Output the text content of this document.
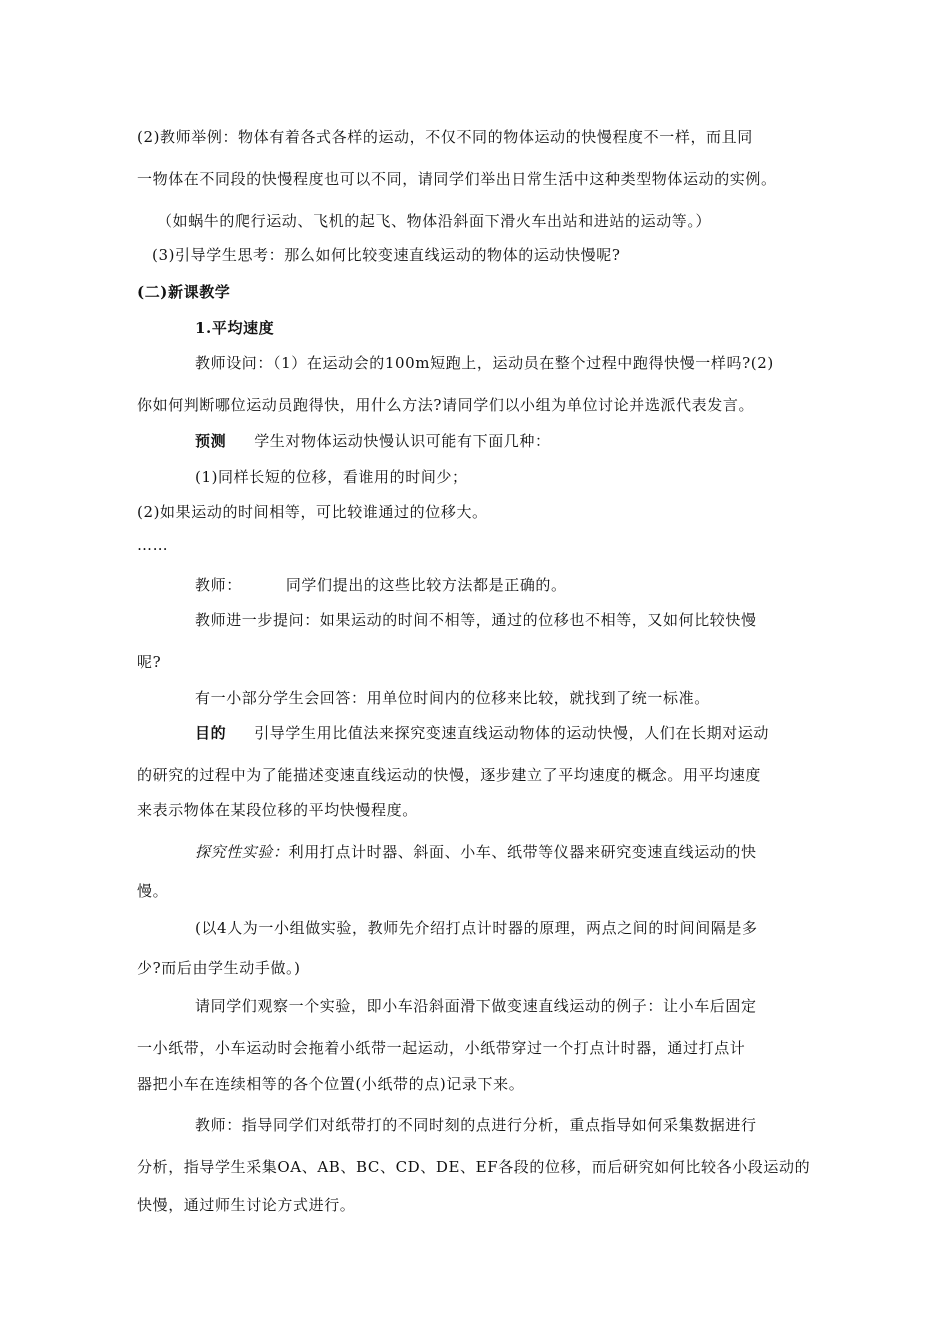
(2)教师举例：物体有着各式各样的运动，不仅不同的物体运动的快慢程度不一样，而且同
一物体在不同段的快慢程度也可以不同，请同学们举出日常生活中这种类型物体运动的实例。
（如蜗牛的爬行运动、飞机的起飞、物体沿斜面下滑火车出站和进站的运动等。）
(3)引导学生思考：那么如何比较变速直线运动的物体的运动快慢呢?
(二)新课教学
1.平均速度
教师设问：（1）在运动会的100m短跑上，运动员在整个过程中跑得快慢一样吗?(2)
你如何判断哪位运动员跑得快，用什么方法?请同学们以小组为单位讨论并选派代表发言。
预测 学生对物体运动快慢认识可能有下面几种：
(1)同样长短的位移，看谁用的时间少；
(2)如果运动的时间相等，可比较谁通过的位移大。
……
教师：	同学们提出的这些比较方法都是正确的。
教师进一步提问：如果运动的时间不相等，通过的位移也不相等，又如何比较快慢
呢?
有一小部分学生会回答：用单位时间内的位移来比较，就找到了统一标准。
目的 引导学生用比值法来探究变速直线运动物体的运动快慢，人们在长期对运动
的研究的过程中为了能描述变速直线运动的快慢，逐步建立了平均速度的概念。用平均速度
来表示物体在某段位移的平均快慢程度。
探究性实验：利用打点计时器、斜面、小车、纸带等仪器来研究变速直线运动的快
慢。
(以4人为一小组做实验，教师先介绍打点计时器的原理，两点之间的时间间隔是多
少?而后由学生动手做。)
请同学们观察一个实验，即小车沿斜面滑下做变速直线运动的例子：让小车后固定
一小纸带，小车运动时会拖着小纸带一起运动，小纸带穿过一个打点计时器，通过打点计
器把小车在连续相等的各个位置(小纸带的点)记录下来。
教师：指导同学们对纸带打的不同时刻的点进行分析，重点指导如何采集数据进行
分析，指导学生采集OA、AB、BC、CD、DE、EF各段的位移，而后研究如何比较各小段运动的
快慢，通过师生讨论方式进行。
